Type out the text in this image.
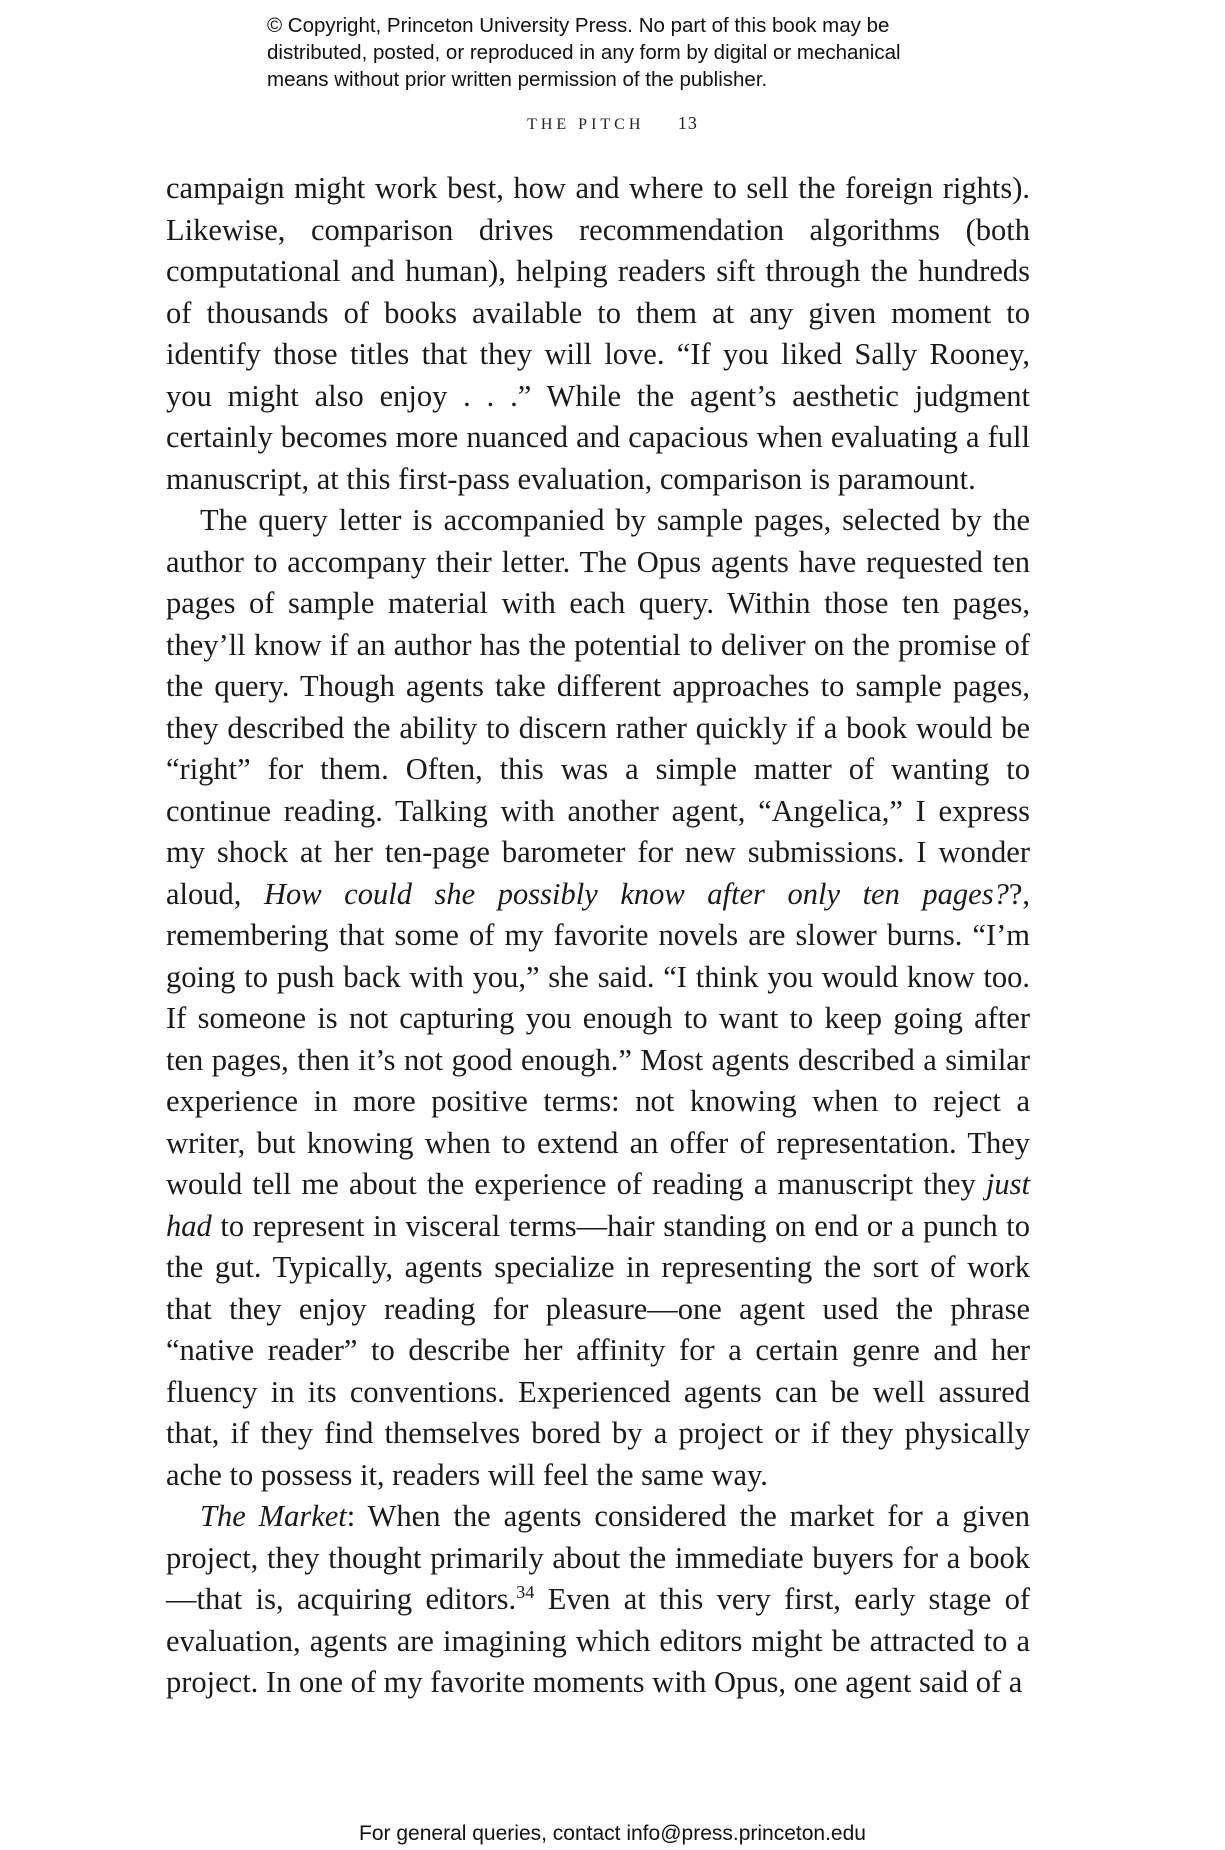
© Copyright, Princeton University Press. No part of this book may be
distributed, posted, or reproduced in any form by digital or mechanical
means without prior written permission of the publisher.
THE PITCH 13

campaign might work best, how and where to sell the foreign rights). Likewise, comparison drives recommendation algorithms (both computational and human), helping readers sift through the hundreds of thousands of books available to them at any given moment to identify those titles that they will love. “If you liked Sally Rooney, you might also enjoy . . .” While the agent’s aesthetic judgment certainly becomes more nuanced and capacious when evaluating a full manuscript, at this first-pass evaluation, comparison is paramount.

The query letter is accompanied by sample pages, selected by the author to accompany their letter. The Opus agents have requested ten pages of sample material with each query. Within those ten pages, they’ll know if an author has the potential to deliver on the promise of the query. Though agents take different approaches to sample pages, they described the ability to discern rather quickly if a book would be “right” for them. Often, this was a simple matter of wanting to continue reading. Talking with another agent, “Angelica,” I express my shock at her ten-page barometer for new submissions. I wonder aloud, How could she possibly know after only ten pages??, remembering that some of my favorite novels are slower burns. “I’m going to push back with you,” she said. “I think you would know too. If someone is not capturing you enough to want to keep going after ten pages, then it’s not good enough.” Most agents described a similar experience in more positive terms: not knowing when to reject a writer, but knowing when to extend an offer of representation. They would tell me about the experience of reading a manuscript they just had to represent in visceral terms—hair standing on end or a punch to the gut. Typically, agents specialize in representing the sort of work that they enjoy reading for pleasure—one agent used the phrase “native reader” to describe her affinity for a certain genre and her fluency in its conventions. Experienced agents can be well assured that, if they find themselves bored by a project or if they physically ache to possess it, readers will feel the same way.

The Market: When the agents considered the market for a given project, they thought primarily about the immediate buyers for a book—that is, acquiring editors.$^{34}$ Even at this very first, early stage of evaluation, agents are imagining which editors might be attracted to a project. In one of my favorite moments with Opus, one agent said of a

For general queries, contact info@press.princeton.edu
